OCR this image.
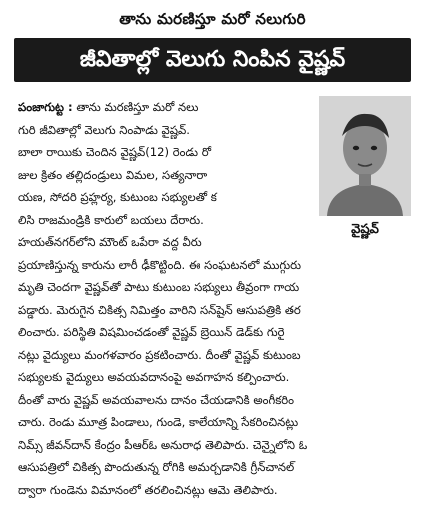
తాను మరణిస్తూ మరో నలుగురి
జీవితాల్లో వెలుగు నింపిన వైష్ణవ్
వైష్ణవ్
పంజాగుట్ట : తాను మరణిస్తూ మరో నలు
గురి జీవితాల్లో వెలుగు నింపాడు వైష్ణవ్.
బాలా రాయికు చెందిన వైష్ణవ్(12) రెండు రో
జుల క్రితం తల్లిదండ్రులు విమల, సత్యనారా
యణ, సోదరి ప్రహ్లర్య, కుటుంబ సభ్యులతో క
లిసి రాజమండ్రికి కారులో బయలు దేరారు.
హయత్‌నగర్‌లోని మౌంట్ ఒపేరా వద్ద వీరు
ప్రయాణిస్తున్న కారును లారీ ఢీకొట్టింది. ఈ సంఘటనలో ముగ్గురు
మృతి చెందగా వైష్ణవ్‌తో పాటు కుటుంబ సభ్యులు తీవ్రంగా గాయ
పడ్డారు. మెరుగైన చికిత్స నిమిత్తం వారిని సన్‌షైన్ ఆసుపత్రికి తర
లించారు. పరిస్థితి విషమించడంతో వైష్ణవ్ బ్రెయిన్ డెడ్‌కు గురై
నట్లు వైద్యులు మంగళవారం ప్రకటించారు. దీంతో వైష్ణవ్ కుటుంబ
సభ్యులకు వైద్యులు అవయవదానంపై అవగాహన కల్పించారు.
దీంతో వారు వైష్ణవ్ అవయవాలను దానం చేయడానికి అంగీకరిం
చారు. రెండు మూత్ర పిండాలు, గుండె, కాలేయాన్ని సేకరించినట్లు
నిమ్స్ జీవన్‌దాన్ కేంద్రం పీఆర్‌ఓ అనురాధ తెలిపారు. చెన్నైలోని ఓ
ఆసుపత్రిలో చికిత్స పొందుతున్న రోగికి అమర్చడానికి గ్రీన్‌చానల్
ద్వారా గుండెను విమానంలో తరలించినట్లు ఆమె తెలిపారు.
